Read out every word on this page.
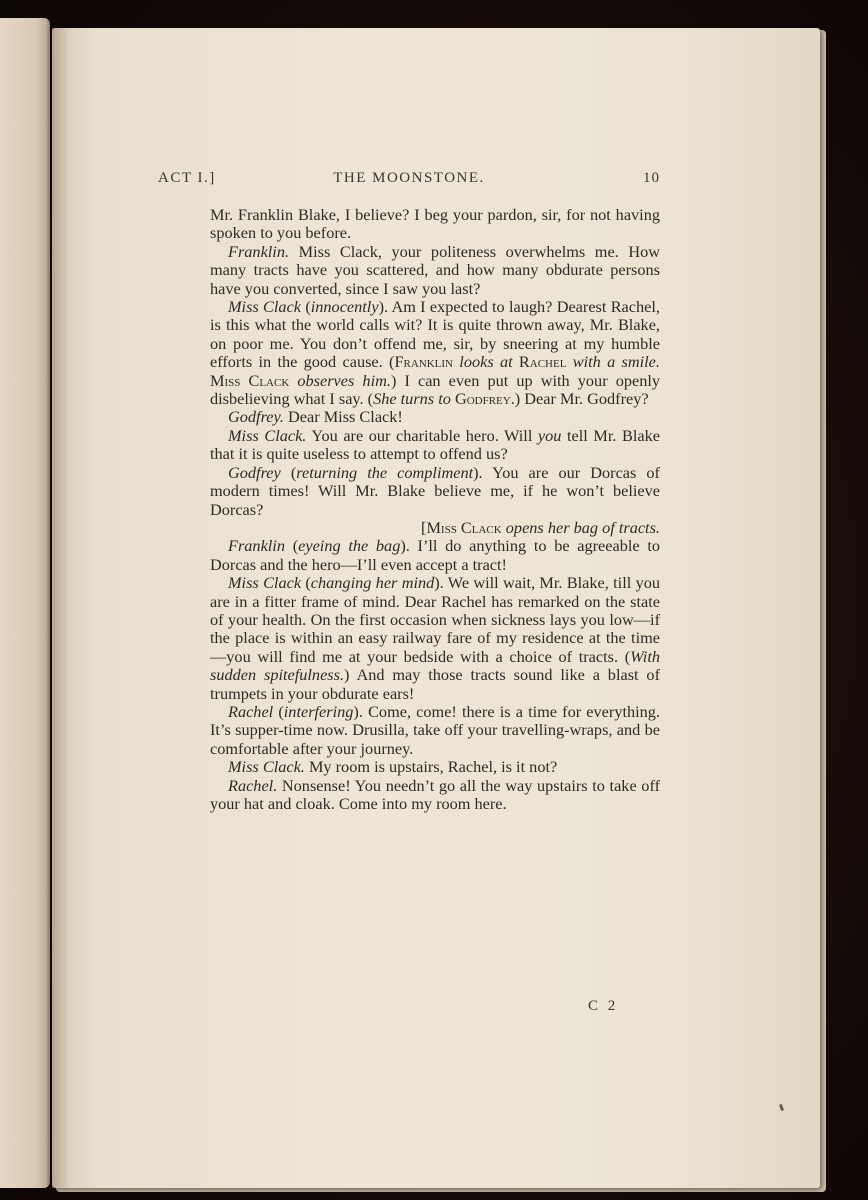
ACT I.]	THE MOONSTONE.	10

Mr. Franklin Blake, I believe? I beg your pardon, sir, for not having spoken to you before.

Franklin. Miss Clack, your politeness overwhelms me. How many tracts have you scattered, and how many obdurate persons have you converted, since I saw you last?

Miss Clack (innocently). Am I expected to laugh? Dearest Rachel, is this what the world calls wit? It is quite thrown away, Mr. Blake, on poor me. You don’t offend me, sir, by sneering at my humble efforts in the good cause. (Franklin looks at Rachel with a smile. Miss Clack observes him.) I can even put up with your openly disbelieving what I say. (She turns to Godfrey.) Dear Mr. Godfrey?

Godfrey. Dear Miss Clack!

Miss Clack. You are our charitable hero. Will you tell Mr. Blake that it is quite useless to attempt to offend us?

Godfrey (returning the compliment). You are our Dorcas of modern times! Will Mr. Blake believe me, if he won’t believe Dorcas?

[Miss Clack opens her bag of tracts.

Franklin (eyeing the bag). I’ll do anything to be agreeable to Dorcas and the hero—I’ll even accept a tract!

Miss Clack (changing her mind). We will wait, Mr. Blake, till you are in a fitter frame of mind. Dear Rachel has remarked on the state of your health. On the first occasion when sickness lays you low—if the place is within an easy railway fare of my residence at the time—you will find me at your bedside with a choice of tracts. (With sudden spitefulness.) And may those tracts sound like a blast of trumpets in your obdurate ears!

Rachel (interfering). Come, come! there is a time for everything. It’s supper-time now. Drusilla, take off your travelling-wraps, and be comfortable after your journey.

Miss Clack. My room is upstairs, Rachel, is it not?

Rachel. Nonsense! You needn’t go all the way upstairs to take off your hat and cloak. Come into my room here.

C 2
